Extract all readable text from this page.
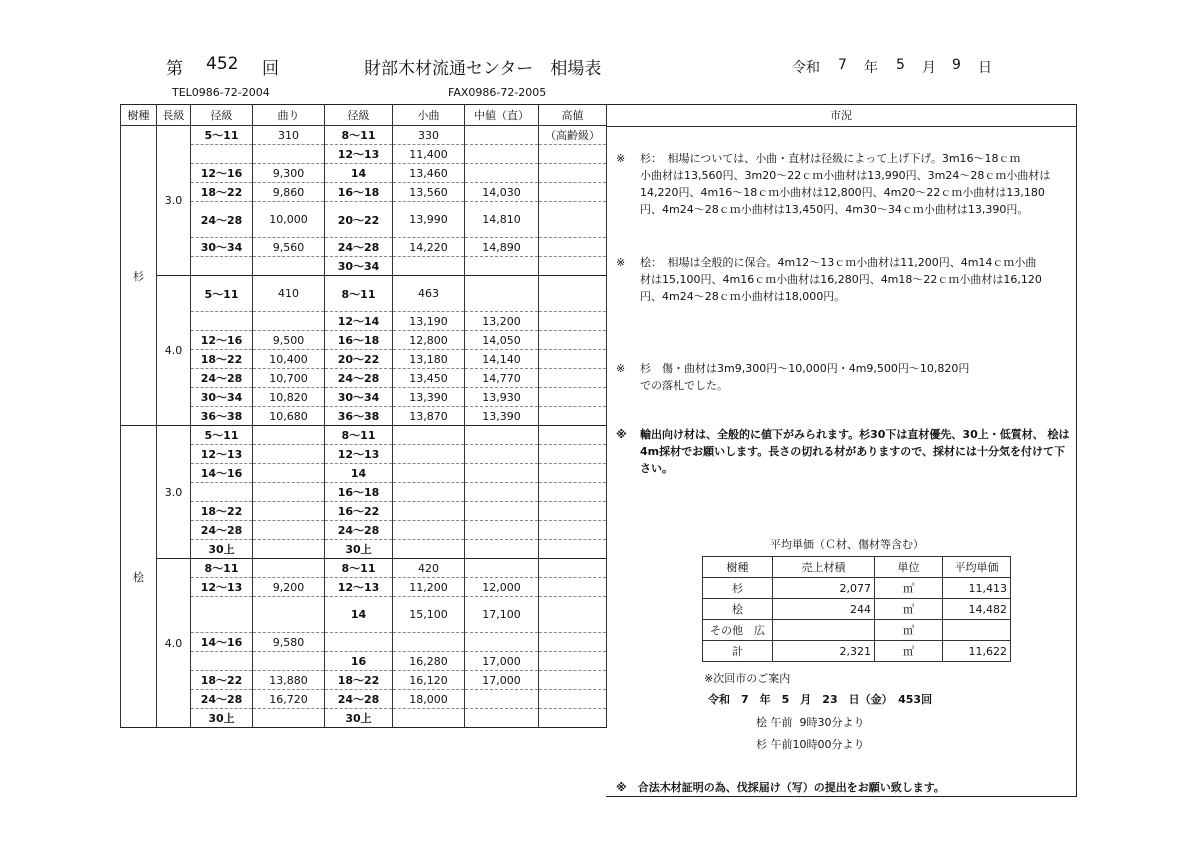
第 452 回	財部木材流通センター　相場表	令和 7 年 5 月 9 日
TEL0986-72-2004	FAX0986-72-2005
樹種	長級	径級	曲り	径級	小曲	中値（直）	高値
杉	3.0	5～11	310	8～11	330		（高齢級）
				12～13	11,400		
		12～16	9,300	14	13,460		
		18～22	9,860	16～18	13,560	14,030	
		24～28	10,000	20～22	13,990	14,810	
		30～34	9,560	24～28	14,220	14,890	
				30～34			
	4.0	5～11	410	8～11	463		
				12～14	13,190	13,200	
		12～16	9,500	16～18	12,800	14,050	
		18～22	10,400	20～22	13,180	14,140	
		24～28	10,700	24～28	13,450	14,770	
		30～34	10,820	30～34	13,390	13,930	
		36～38	10,680	36～38	13,870	13,390	
桧	3.0	5～11		8～11			
		12～13		12～13			
		14～16		14			
				16～18			
		18～22		16～22			
		24～28		24～28			
		30上		30上			
	4.0	8～11		8～11	420		
		12～13	9,200	12～13	11,200	12,000	
				14	15,100	17,100	
		14～16	9,580				
				16	16,280	17,000	
		18～22	13,880	18～22	16,120	17,000	
		24～28	16,720	24～28	18,000		
		30上		30上			
市況
※ 杉：　相場については、小曲・直材は径級によって上げ下げ。3m16～18ｃｍ
小曲材は13,560円、3m20～22ｃｍ小曲材は13,990円、3m24～28ｃｍ小曲材は
14,220円、4m16～18ｃｍ小曲材は12,800円、4m20～22ｃｍ小曲材は13,180
円、4m24～28ｃｍ小曲材は13,450円、4m30～34ｃｍ小曲材は13,390円。
※ 桧：　相場は全般的に保合。4m12～13ｃｍ小曲材は11,200円、4m14ｃｍ小曲
材は15,100円、4m16ｃｍ小曲材は16,280円、4m18～22ｃｍ小曲材は16,120
円、4m24～28ｃｍ小曲材は18,000円。
※ 杉　傷・曲材は3m9,300円～10,000円・4m9,500円～10,820円
での落札でした。
※ 輸出向け材は、全般的に値下がみられます。杉30下は直材優先、30上・低質材、 桧は
4m採材でお願いします。長さの切れる材がありますので、採材には十分気を付けて下
さい。
平均単価（Ｃ材、傷材等含む）
樹種	売上材積	単位	平均単価
杉	2,077	㎥	11,413
桧	244	㎥	14,482
その他　広		㎥	
計	2,321	㎥	11,622
※次回市のご案内
令和　7　年　5　月　23　日（金）　453回
桧 午前  9時30分より
杉 午前10時00分より
※　合法木材証明の為、伐採届け（写）の提出をお願い致します。
